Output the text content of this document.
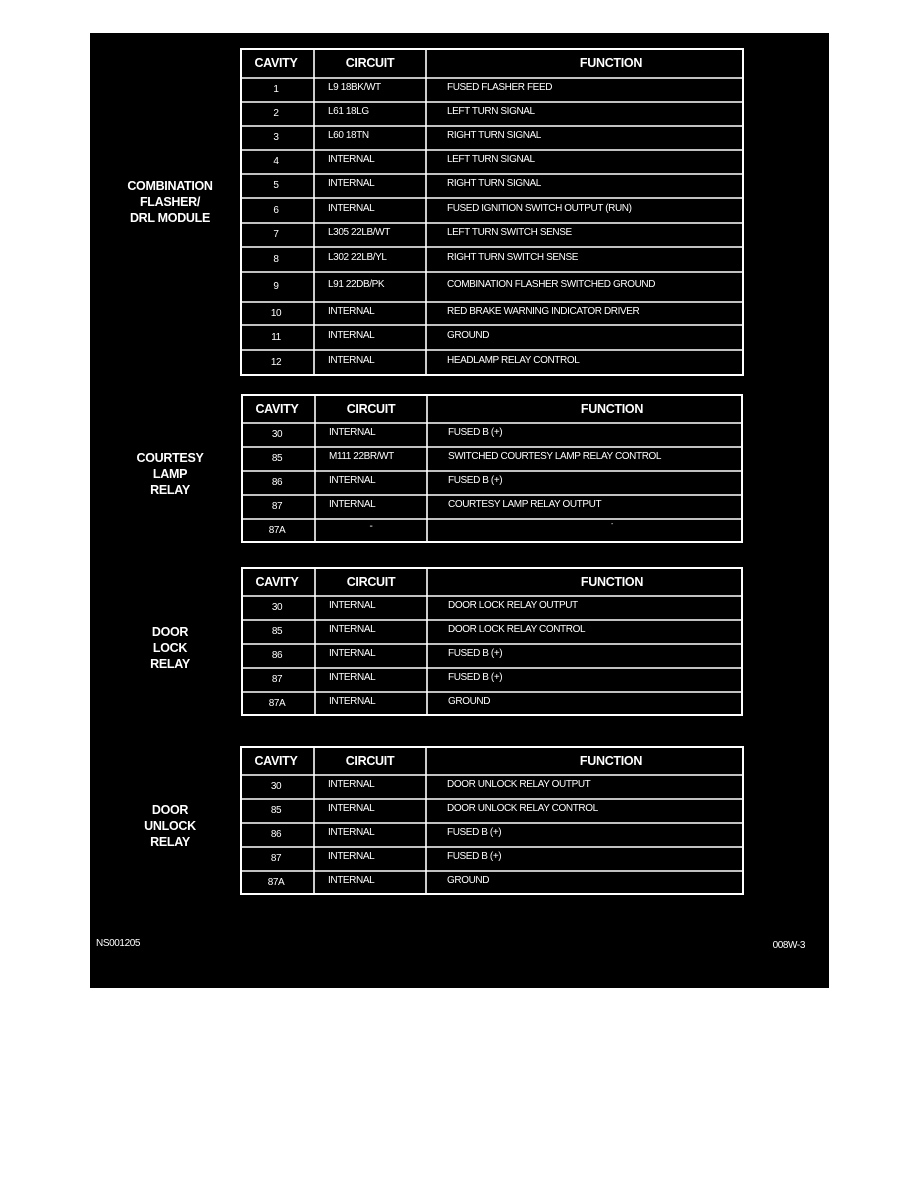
COMBINATION
FLASHER/
DRL MODULE
CAVITY	CIRCUIT	FUNCTION
1	L9 18BK/WT	FUSED FLASHER FEED
2	L61 18LG	LEFT TURN SIGNAL
3	L60 18TN	RIGHT TURN SIGNAL
4	INTERNAL	LEFT TURN SIGNAL
5	INTERNAL	RIGHT TURN SIGNAL
6	INTERNAL	FUSED IGNITION SWITCH OUTPUT (RUN)
7	L305 22LB/WT	LEFT TURN SWITCH SENSE
8	L302 22LB/YL	RIGHT TURN SWITCH SENSE
9	L91 22DB/PK	COMBINATION FLASHER SWITCHED GROUND
10	INTERNAL	RED BRAKE WARNING INDICATOR DRIVER
11	INTERNAL	GROUND
12	INTERNAL	HEADLAMP RELAY CONTROL
COURTESY
LAMP
RELAY
CAVITY	CIRCUIT	FUNCTION
30	INTERNAL	FUSED B (+)
85	M111 22BR/WT	SWITCHED COURTESY LAMP RELAY CONTROL
86	INTERNAL	FUSED B (+)
87	INTERNAL	COURTESY LAMP RELAY OUTPUT
87A	-	-
DOOR
LOCK
RELAY
CAVITY	CIRCUIT	FUNCTION
30	INTERNAL	DOOR LOCK RELAY OUTPUT
85	INTERNAL	DOOR LOCK RELAY CONTROL
86	INTERNAL	FUSED B (+)
87	INTERNAL	FUSED B (+)
87A	INTERNAL	GROUND
DOOR
UNLOCK
RELAY
CAVITY	CIRCUIT	FUNCTION
30	INTERNAL	DOOR UNLOCK RELAY OUTPUT
85	INTERNAL	DOOR UNLOCK RELAY CONTROL
86	INTERNAL	FUSED B (+)
87	INTERNAL	FUSED B (+)
87A	INTERNAL	GROUND
NS001205	008W-3
